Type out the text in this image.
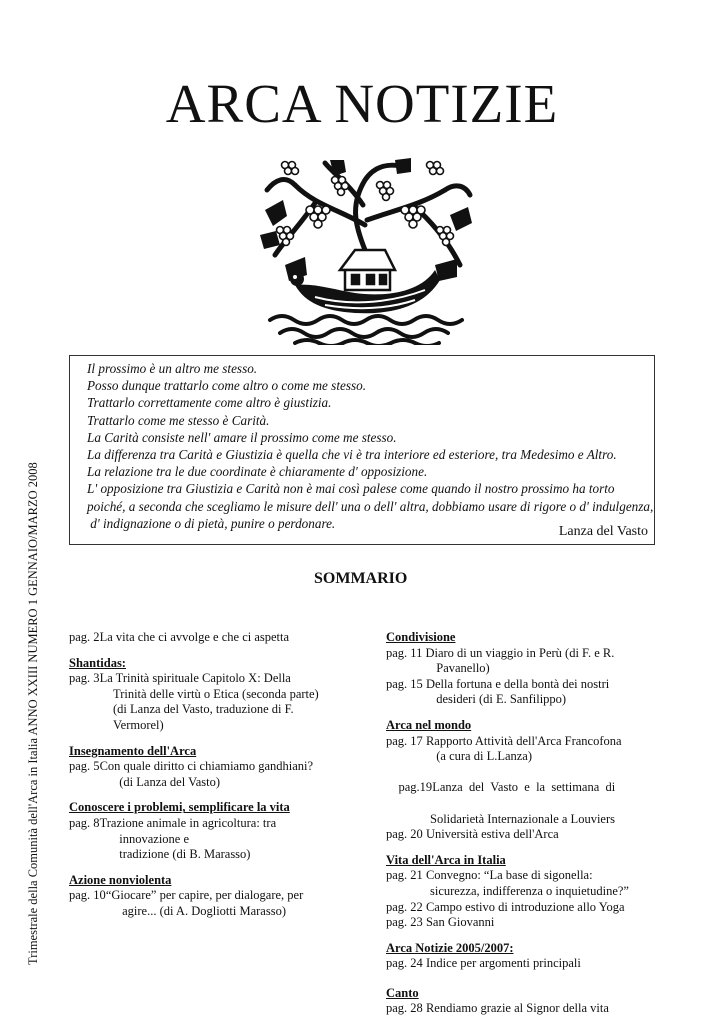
ARCA NOTIZIE
Trimestrale della Comunità dell'Arca in Italia ANNO XXIII NUMERO 1 GENNAIO/MARZO 2008
Il prossimo è un altro me stesso.
Posso dunque trattarlo come altro o come me stesso.
Trattarlo correttamente come altro è giustizia.
Trattarlo come me stesso è Carità.
La Carità consiste nell' amare il prossimo come me stesso.
La differenza tra Carità e Giustizia è quella che vi è tra interiore ed esteriore, tra Medesimo e Altro.
La relazione tra le due coordinate è chiaramente d' opposizione.
L' opposizione tra Giustizia e Carità non è mai così palese come quando il nostro prossimo ha torto
poiché, a seconda che scegliamo le misure dell' una o dell' altra, dobbiamo usare di rigore o d' indulgenza,
d' indignazione o di pietà, punire o perdonare.
Lanza del Vasto
SOMMARIO
pag. 2La vita che ci avvolge e che ci aspetta
Shantidas:
pag. 3La Trinità spirituale Capitolo X: Della
Trinità delle virtù o Etica (seconda parte)
(di Lanza del Vasto, traduzione di F.
Vermorel)
Insegnamento dell'Arca
pag. 5Con quale diritto ci chiamiamo gandhiani?
(di Lanza del Vasto)
Conoscere i problemi, semplificare la vita
pag. 8Trazione animale in agricoltura: tra
innovazione e
tradizione (di B. Marasso)
Azione nonviolenta
pag. 10“Giocare” per capire, per dialogare, per
agire... (di A. Dogliotti Marasso)
Condivisione
pag. 11 Diaro di un viaggio in Perù (di F. e R.
Pavanello)
pag. 15 Della fortuna e della bontà dei nostri
desideri (di E. Sanfilippo)
Arca nel mondo
pag. 17 Rapporto Attività dell'Arca Francofona
(a cura di L.Lanza)

pag.19Lanza  del  Vasto  e  la  settimana  di

Solidarietà Internazionale a Louviers
pag. 20 Università estiva dell'Arca
Vita dell'Arca in Italia
pag. 21 Convegno: “La base di sigonella:
sicurezza, indifferenza o inquietudine?”
pag. 22 Campo estivo di introduzione allo Yoga
pag. 23 San Giovanni
Arca Notizie 2005/2007:
pag. 24 Indice per argomenti principali
Canto
pag. 28 Rendiamo grazie al Signor della vita
